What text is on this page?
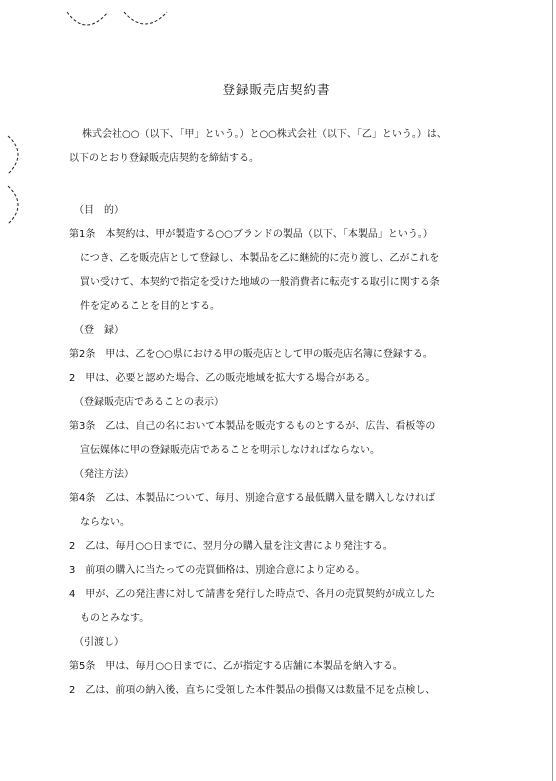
登録販売店契約書
株式会社○○（以下、「甲」という。）と○○株式会社（以下、「乙」という。）は、
以下のとおり登録販売店契約を締結する。
（目　的）
第1条　本契約は、甲が製造する○○ブランドの製品（以下、「本製品」という。）
につき、乙を販売店として登録し、本製品を乙に継続的に売り渡し、乙がこれを
買い受けて、本契約で指定を受けた地域の一般消費者に転売する取引に関する条
件を定めることを目的とする。
（登　録）
第2条　甲は、乙を○○県における甲の販売店として甲の販売店名簿に登録する。
2　甲は、必要と認めた場合、乙の販売地域を拡大する場合がある。
（登録販売店であることの表示）
第3条　乙は、自己の名において本製品を販売するものとするが、広告、看板等の
宣伝媒体に甲の登録販売店であることを明示しなければならない。
（発注方法）
第4条　乙は、本製品について、毎月、別途合意する最低購入量を購入しなければ
ならない。
2　乙は、毎月○○日までに、翌月分の購入量を注文書により発注する。
3　前項の購入に当たっての売買価格は、別途合意により定める。
4　甲が、乙の発注書に対して請書を発行した時点で、各月の売買契約が成立した
ものとみなす。
（引渡し）
第5条　甲は、毎月○○日までに、乙が指定する店舗に本製品を納入する。
2　乙は、前項の納入後、直ちに受領した本件製品の損傷又は数量不足を点検し、
